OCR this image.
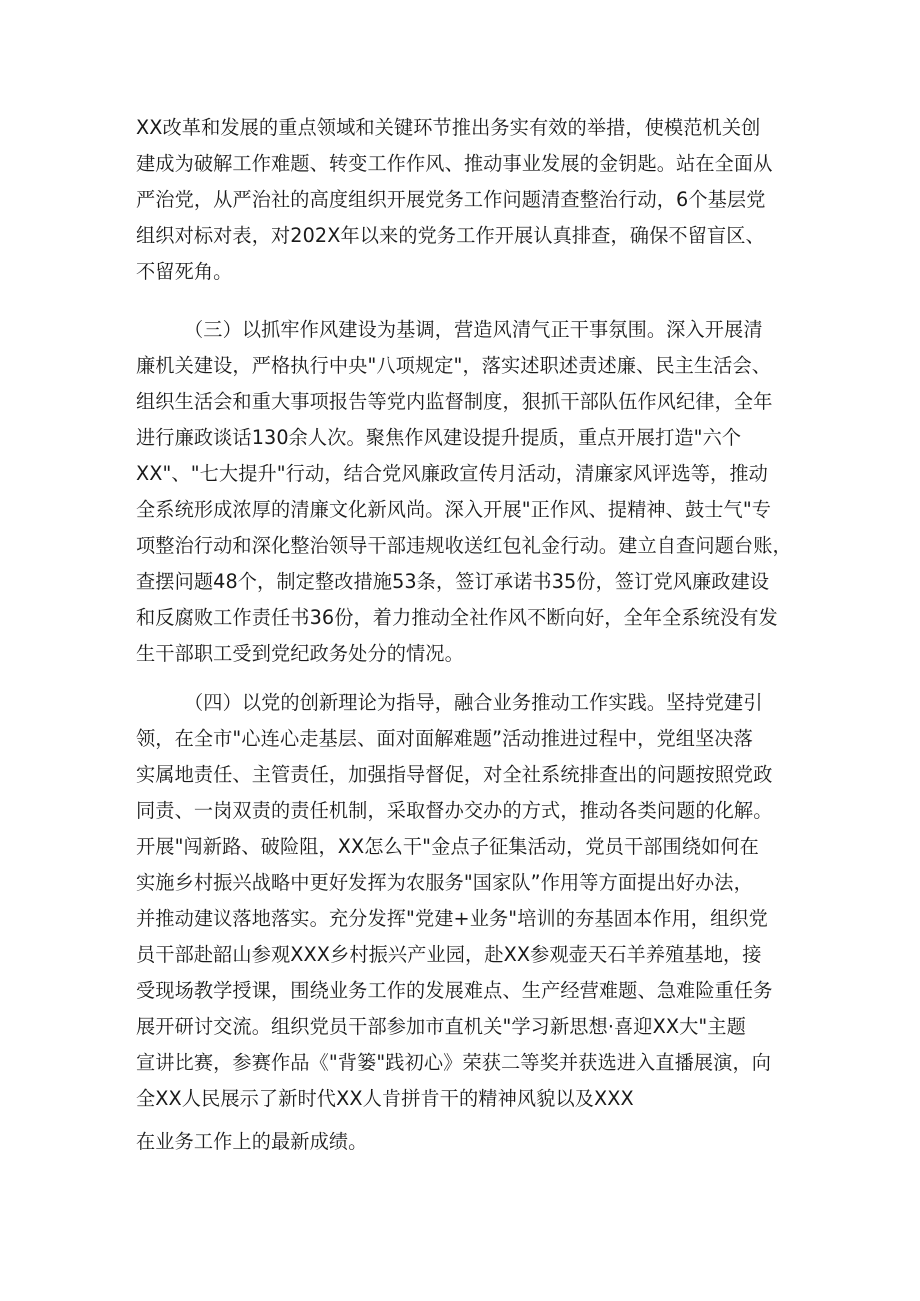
XX改革和发展的重点领域和关键环节推出务实有效的举措，使模范机关创
建成为破解工作难题、转变工作作风、推动事业发展的金钥匙。站在全面从
严治党，从严治社的高度组织开展党务工作问题清查整治行动，6个基层党
组织对标对表，对202X年以来的党务工作开展认真排查，确保不留盲区、
不留死角。
（三）以抓牢作风建设为基调，营造风清气正干事氛围。深入开展清
廉机关建设，严格执行中央"八项规定"，落实述职述责述廉、民主生活会、
组织生活会和重大事项报告等党内监督制度，狠抓干部队伍作风纪律，全年
进行廉政谈话130余人次。聚焦作风建设提升提质，重点开展打造"六个
XX"、"七大提升"行动，结合党风廉政宣传月活动，清廉家风评选等，推动
全系统形成浓厚的清廉文化新风尚。深入开展"正作风、提精神、鼓士气"专
项整治行动和深化整治领导干部违规收送红包礼金行动。建立自查问题台账，
查摆问题48个，制定整改措施53条，签订承诺书35份，签订党风廉政建设
和反腐败工作责任书36份，着力推动全社作风不断向好，全年全系统没有发
生干部职工受到党纪政务处分的情况。
（四）以党的创新理论为指导，融合业务推动工作实践。坚持党建引
领，在全市"心连心走基层、面对面解难题”活动推进过程中，党组坚决落
实属地责任、主管责任，加强指导督促，对全社系统排查出的问题按照党政
同责、一岗双责的责任机制，采取督办交办的方式，推动各类问题的化解。
开展"闯新路、破险阻，XX怎么干"金点子征集活动，党员干部围绕如何在
实施乡村振兴战略中更好发挥为农服务"国家队”作用等方面提出好办法，
并推动建议落地落实。充分发挥"党建+业务"培训的夯基固本作用，组织党
员干部赴韶山参观XXX乡村振兴产业园，赴XX参观壶天石羊养殖基地，接
受现场教学授课，围绕业务工作的发展难点、生产经营难题、急难险重任务
展开研讨交流。组织党员干部参加市直机关"学习新思想·喜迎XX大"主题
宣讲比赛，参赛作品《"背篓"践初心》荣获二等奖并获选进入直播展演，向
全XX人民展示了新时代XX人肯拼肯干的精神风貌以及XXX
在业务工作上的最新成绩。
